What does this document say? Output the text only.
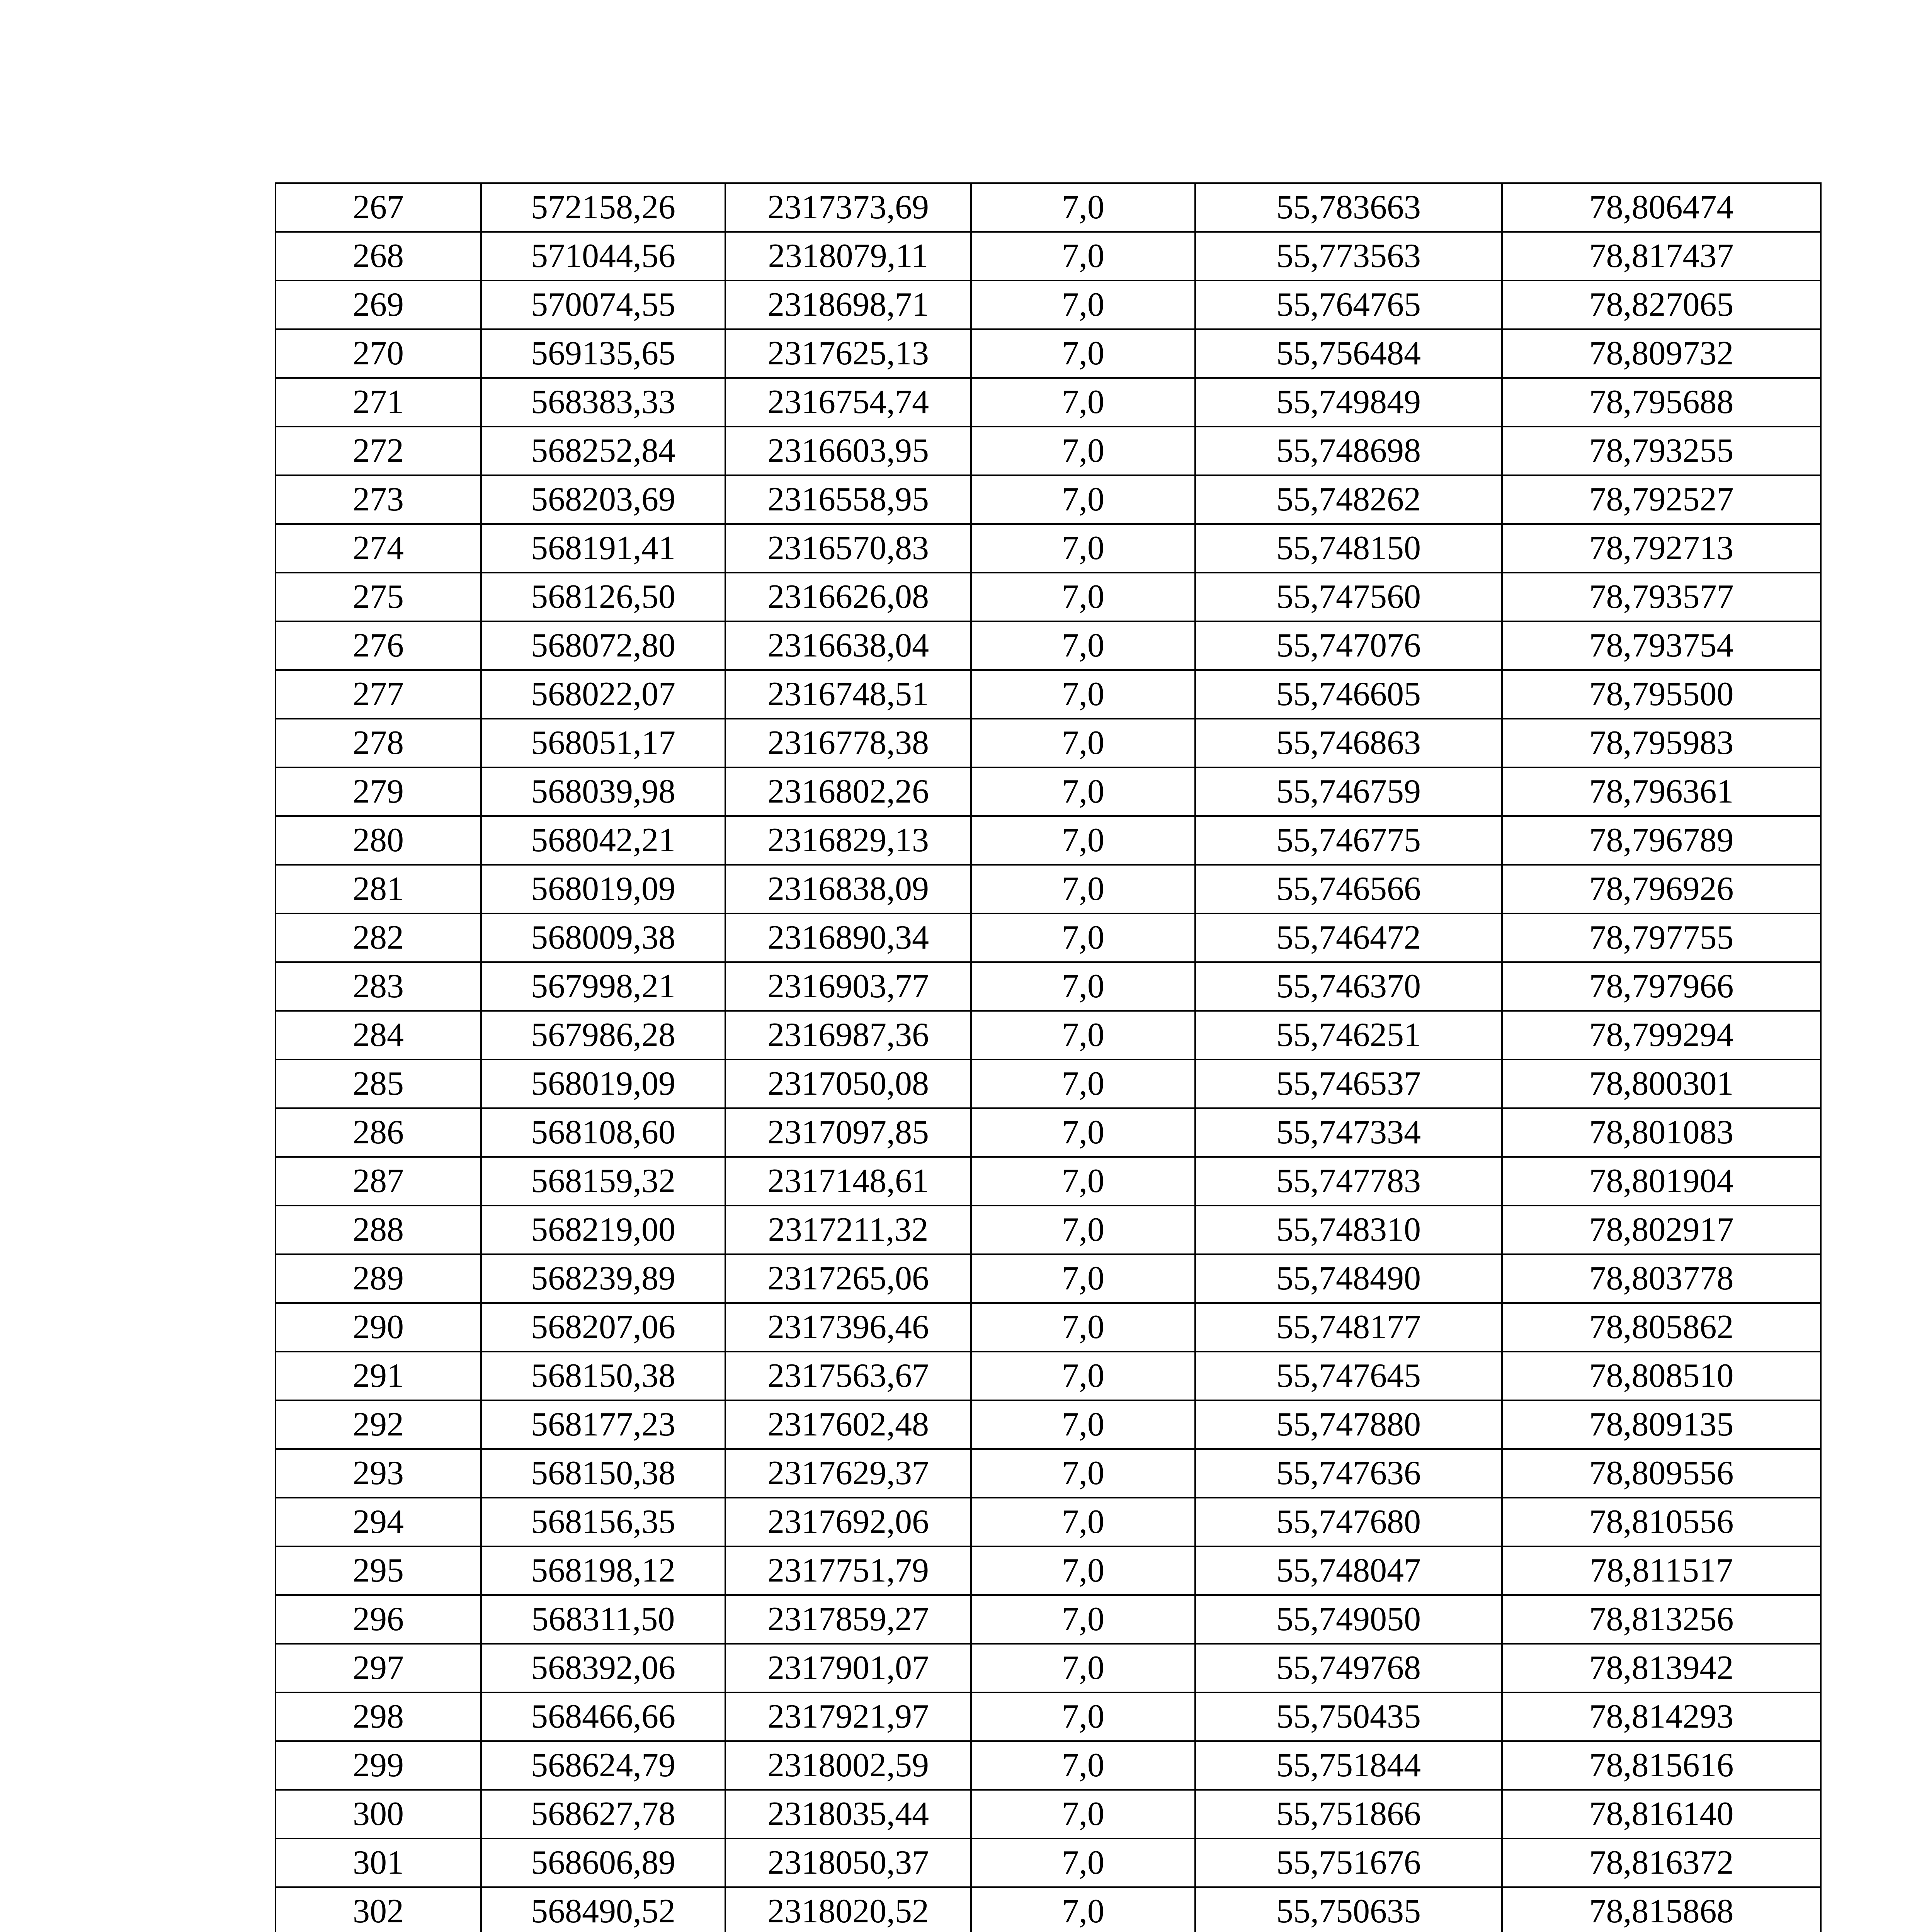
267	572158,26	2317373,69	7,0	55,783663	78,806474
268	571044,56	2318079,11	7,0	55,773563	78,817437
269	570074,55	2318698,71	7,0	55,764765	78,827065
270	569135,65	2317625,13	7,0	55,756484	78,809732
271	568383,33	2316754,74	7,0	55,749849	78,795688
272	568252,84	2316603,95	7,0	55,748698	78,793255
273	568203,69	2316558,95	7,0	55,748262	78,792527
274	568191,41	2316570,83	7,0	55,748150	78,792713
275	568126,50	2316626,08	7,0	55,747560	78,793577
276	568072,80	2316638,04	7,0	55,747076	78,793754
277	568022,07	2316748,51	7,0	55,746605	78,795500
278	568051,17	2316778,38	7,0	55,746863	78,795983
279	568039,98	2316802,26	7,0	55,746759	78,796361
280	568042,21	2316829,13	7,0	55,746775	78,796789
281	568019,09	2316838,09	7,0	55,746566	78,796926
282	568009,38	2316890,34	7,0	55,746472	78,797755
283	567998,21	2316903,77	7,0	55,746370	78,797966
284	567986,28	2316987,36	7,0	55,746251	78,799294
285	568019,09	2317050,08	7,0	55,746537	78,800301
286	568108,60	2317097,85	7,0	55,747334	78,801083
287	568159,32	2317148,61	7,0	55,747783	78,801904
288	568219,00	2317211,32	7,0	55,748310	78,802917
289	568239,89	2317265,06	7,0	55,748490	78,803778
290	568207,06	2317396,46	7,0	55,748177	78,805862
291	568150,38	2317563,67	7,0	55,747645	78,808510
292	568177,23	2317602,48	7,0	55,747880	78,809135
293	568150,38	2317629,37	7,0	55,747636	78,809556
294	568156,35	2317692,06	7,0	55,747680	78,810556
295	568198,12	2317751,79	7,0	55,748047	78,811517
296	568311,50	2317859,27	7,0	55,749050	78,813256
297	568392,06	2317901,07	7,0	55,749768	78,813942
298	568466,66	2317921,97	7,0	55,750435	78,814293
299	568624,79	2318002,59	7,0	55,751844	78,815616
300	568627,78	2318035,44	7,0	55,751866	78,816140
301	568606,89	2318050,37	7,0	55,751676	78,816372
302	568490,52	2318020,52	7,0	55,750635	78,815868
